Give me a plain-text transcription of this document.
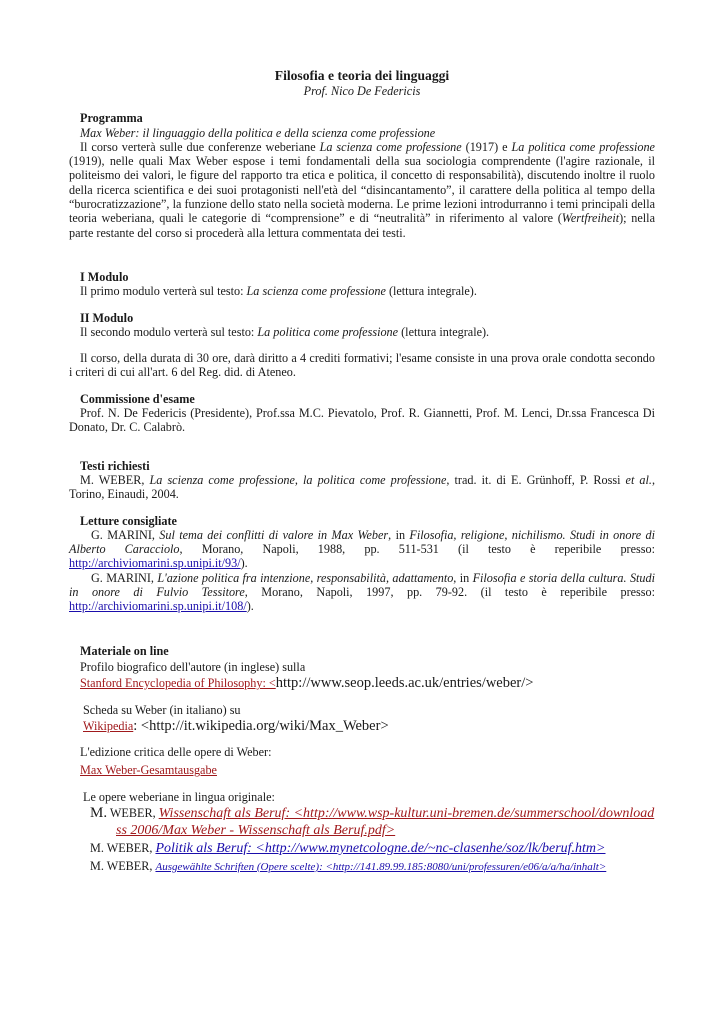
Filosofia e teoria dei linguaggi

Prof. Nico De Federicis

Programma

Max Weber: il linguaggio della politica e della scienza come professione

Il corso verterà sulle due conferenze weberiane La scienza come professione (1917) e La politica come professione (1919), nelle quali Max Weber espose i temi fondamentali della sua sociologia comprendente (l'agire razionale, il politeismo dei valori, le figure del rapporto tra etica e politica, il concetto di responsabilità), discutendo inoltre il ruolo della ricerca scientifica e dei suoi protagonisti nell'età del “disincantamento”, il carattere della politica al tempo della “burocratizzazione”, la funzione dello stato nella società moderna. Le prime lezioni introdurranno i temi principali della teoria weberiana, quali le categorie di “comprensione” e di “neutralità” in riferimento al valore (Wertfreiheit); nella parte restante del corso si procederà alla lettura commentata dei testi.

I Modulo

Il primo modulo verterà sul testo: La scienza come professione (lettura integrale).

II Modulo

Il secondo modulo verterà sul testo: La politica come professione (lettura integrale).

Il corso, della durata di 30 ore, darà diritto a 4 crediti formativi; l'esame consiste in una prova orale condotta secondo i criteri di cui all'art. 6 del Reg. did. di Ateneo.

Commissione d'esame

Prof. N. De Federicis (Presidente), Prof.ssa M.C. Pievatolo, Prof. R. Giannetti, Prof. M. Lenci, Dr.ssa Francesca Di Donato, Dr. C. Calabrò.

Testi richiesti

M. WEBER, La scienza come professione, la politica come professione, trad. it. di E. Grünhoff, P. Rossi et al., Torino, Einaudi, 2004.

Letture consigliate

G. MARINI, Sul tema dei conflitti di valore in Max Weber, in Filosofia, religione, nichilismo. Studi in onore di Alberto Caracciolo, Morano, Napoli, 1988, pp. 511-531 (il testo è reperibile presso: http://archiviomarini.sp.unipi.it/93/).

G. MARINI, L'azione politica fra intenzione, responsabilità, adattamento, in Filosofia e storia della cultura. Studi in onore di Fulvio Tessitore, Morano, Napoli, 1997, pp. 79-92. (il testo è reperibile presso: http://archiviomarini.sp.unipi.it/108/).

Materiale on line

Profilo biografico dell'autore (in inglese) sulla

Stanford Encyclopedia of Philosophy: <http://www.seop.leeds.ac.uk/entries/weber/>

Scheda su Weber (in italiano) su

Wikipedia: <http://it.wikipedia.org/wiki/Max_Weber>

L'edizione critica delle opere di Weber:

Max Weber-Gesamtausgabe

Le opere weberiane in lingua originale:

M. WEBER, Wissenschaft als Beruf: <http://www.wsp-kultur.uni-bremen.de/summerschool/download ss 2006/Max Weber - Wissenschaft als Beruf.pdf>

M. WEBER, Politik als Beruf: <http://www.mynetcologne.de/~nc-clasenhe/soz/lk/beruf.htm>

M. WEBER, Ausgewählte Schriften (Opere scelte): <http://141.89.99.185:8080/uni/professuren/e06/a/a/ha/inhalt>
